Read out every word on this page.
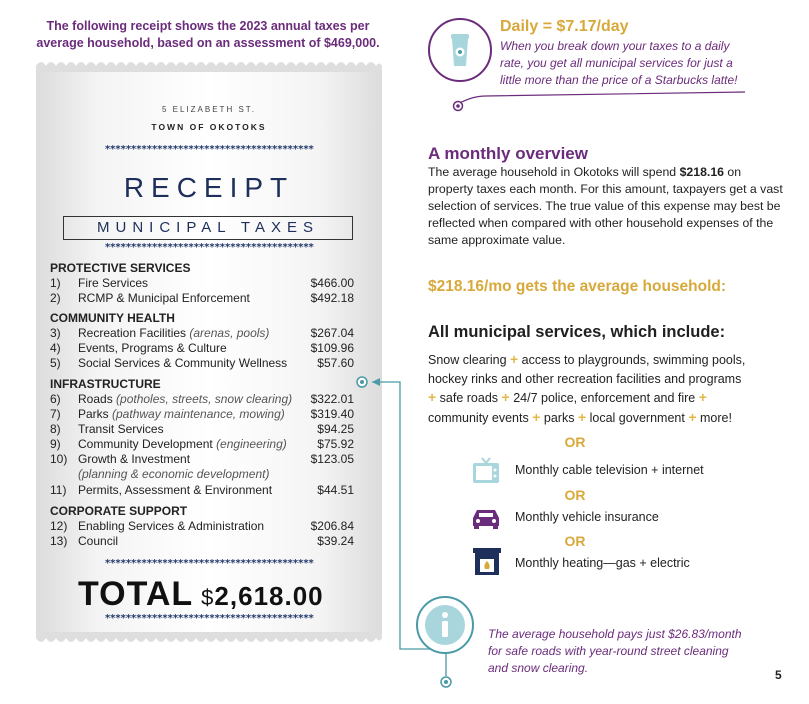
The following receipt shows the 2023 annual taxes per average household, based on an assessment of $469,000.
5 ELIZABETH ST.
TOWN OF OKOTOKS
****************************************
RECEIPT
MUNICIPAL TAXES
****************************************
PROTECTIVE SERVICES
1) Fire Services	$466.00
2) RCMP & Municipal Enforcement	$492.18
COMMUNITY HEALTH
3) Recreation Facilities (arenas, pools)	$267.04
4) Events, Programs & Culture	$109.96
5) Social Services & Community Wellness	$57.60
INFRASTRUCTURE
6) Roads (potholes, streets, snow clearing) $322.01
7) Parks (pathway maintenance, mowing) $319.40
8) Transit Services	$94.25
9) Community Development (engineering)	$75.92
10) Growth & Investment	$123.05
(planning & economic development)
11) Permits, Assessment & Environment	$44.51
CORPORATE SUPPORT
12) Enabling Services & Administration	$206.84
13) Council	$39.24
****************************************
TOTAL $2,618.00
****************************************
Daily = $7.17/day
When you break down your taxes to a daily rate, you get all municipal services for just a little more than the price of a Starbucks latte!
A monthly overview
The average household in Okotoks will spend $218.16 on property taxes each month. For this amount, taxpayers get a vast selection of services. The true value of this expense may best be reflected when compared with other household expenses of the same approximate value.
$218.16/mo gets the average household:
All municipal services, which include:
Snow clearing + access to playgrounds, swimming pools, hockey rinks and other recreation facilities and programs
+ safe roads + 24/7 police, enforcement and fire +
community events + parks + local government + more!
OR
Monthly cable television + internet
OR
Monthly vehicle insurance
OR
Monthly heating—gas + electric
The average household pays just $26.83/month for safe roads with year-round street cleaning and snow clearing.	5
